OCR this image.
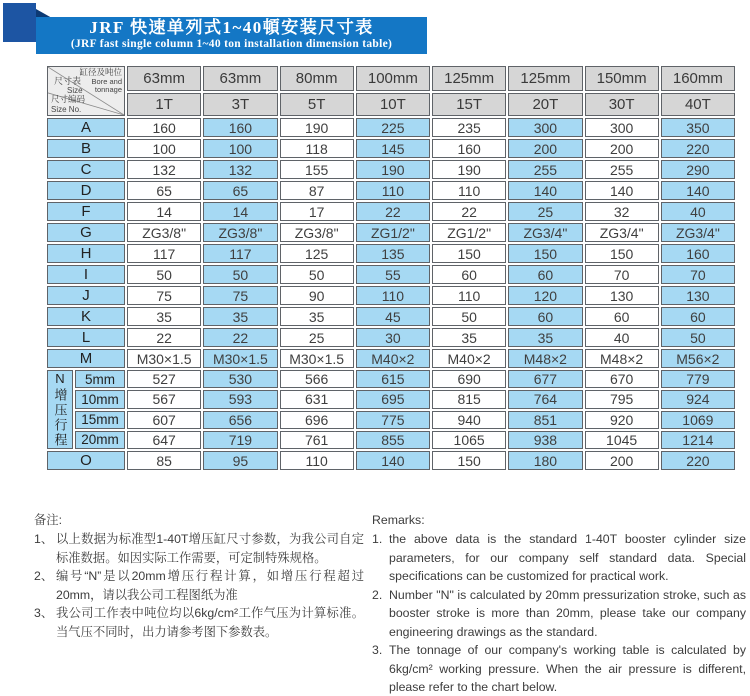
JRF 快速单列式1~40頓安装尺寸表
(JRF fast single column 1~40 ton installation dimension table)
尺寸表
Size
缸径及吨位
Bore and
tonnage
尺寸编码
Size No.
	63mm	63mm	80mm	100mm	125mm	125mm	150mm	160mm
		1T	3T	5T	10T	15T	20T	30T	40T
A		160	160	190	225	235	300	300	350
B		100	100	118	145	160	200	200	220
C		132	132	155	190	190	255	255	290
D		65	65	87	110	110	140	140	140
F		14	14	17	22	22	25	32	40
G		ZG3/8"	ZG3/8"	ZG3/8"	ZG1/2"	ZG1/2"	ZG3/4"	ZG3/4"	ZG3/4"
H		117	117	125	135	150	150	150	160
I		50	50	50	55	60	60	70	70
J		75	75	90	110	110	120	130	130
K		35	35	35	45	50	60	60	60
L		22	22	25	30	35	35	40	50
M		M30×1.5	M30×1.5	M30×1.5	M40×2	M40×2	M48×2	M48×2	M56×2

N增压行程	5mm	527	530	566	615	690	677	670	779
	10mm	567	593	631	695	815	764	795	924
	15mm	607	656	696	775	940	851	920	1069
	20mm	647	719	761	855	1065	938	1045	1214
O		85	95	110	140	150	180	200	220
备注:
1、 以上数据为标准型1-40T增压缸尺寸参数，为我公司自定标准数据。如因实际工作需要，可定制特殊规格。
2、 编号“N”是以20mm增压行程计算，如增压行程超过20mm，请以我公司工程图纸为准
3、 我公司工作表中吨位均以6kg/cm²工作气压为计算标准。当气压不同时，出力请参考图下参数表。
Remarks:
1. the above data is the standard 1-40T booster cylinder size parameters, for our company self standard data. Special specifications can be customized for practical work.
2. Number "N" is calculated by 20mm pressurization stroke, such as booster stroke is more than 20mm, please take our company engineering drawings as the standard.
3. The tonnage of our company's working table is calculated by 6kg/cm² working pressure. When the air pressure is different, please refer to the chart below.
